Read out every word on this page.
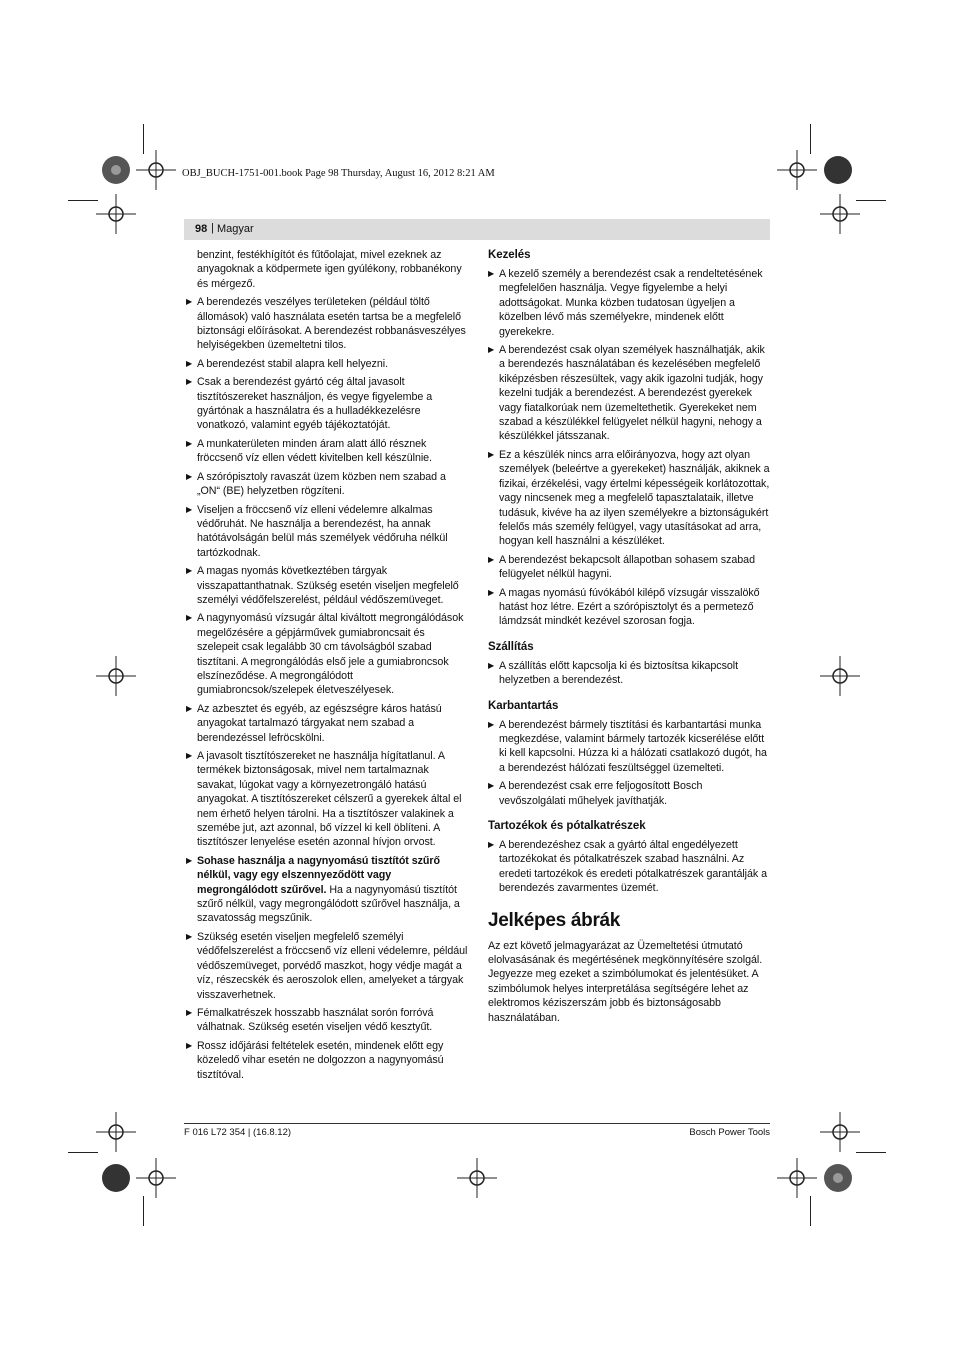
OBJ_BUCH-1751-001.book Page 98 Thursday, August 16, 2012 8:21 AM
98 | Magyar

benzint, festékhígítót és fűtőolajat, mivel ezeknek az anyagoknak a ködpermete igen gyúlékony, robbanékony és mérgező.

▶ A berendezés veszélyes területeken (például töltő állomások) való használata esetén tartsa be a megfelelő biztonsági előírásokat. A berendezést robbanásveszélyes helyiségekben üzemeltetni tilos.
▶ A berendezést stabil alapra kell helyezni.
▶ Csak a berendezést gyártó cég által javasolt tisztítószereket használjon, és vegye figyelembe a gyártónak a használatra és a hulladékkezelésre vonatkozó, valamint egyéb tájékoztatóját.
▶ A munkaterületen minden áram alatt álló résznek fröccsenő víz ellen védett kivitelben kell készülnie.
▶ A szórópisztoly ravaszát üzem közben nem szabad a „ON“ (BE) helyzetben rögzíteni.
▶ Viseljen a fröccsenő víz elleni védelemre alkalmas védőruhát. Ne használja a berendezést, ha annak hatótávolságán belül más személyek védőruha nélkül tartózkodnak.
▶ A magas nyomás következtében tárgyak visszapattanthatnak. Szükség esetén viseljen megfelelő személyi védőfelszerelést, például védőszemüveget.
▶ A nagynyomású vízsugár által kiváltott megrongálódások megelőzésére a gépjárművek gumiabroncsait és szelepeit csak legalább 30 cm távolságból szabad tisztítani. A megrongálódás első jele a gumiabroncsok elszíneződése. A megrongálódott gumiabroncsok/szelepek életveszélyesek.
▶ Az azbesztet és egyéb, az egészségre káros hatású anyagokat tartalmazó tárgyakat nem szabad a berendezéssel lefröcskölni.
▶ A javasolt tisztítószereket ne használja hígítatlanul. A termékek biztonságosak, mivel nem tartalmaznak savakat, lúgokat vagy a környezetrongáló hatású anyagokat. A tisztítószereket célszerű a gyerekek által el nem érhető helyen tárolni. Ha a tisztítószer valakinek a szemébe jut, azt azonnal, bő vízzel ki kell öblíteni. A tisztítószer lenyelése esetén azonnal hívjon orvost.
▶ Sohase használja a nagynyomású tisztítót szűrő nélkül, vagy egy elszennyeződött vagy megrongálódott szűrővel. Ha a nagynyomású tisztítót szűrő nélkül, vagy megrongálódott szűrővel használja, a szavatosság megszűnik.
▶ Szükség esetén viseljen megfelelő személyi védőfelszerelést a fröccsenő víz elleni védelemre, például védőszemüveget, porvédő maszkot, hogy védje magát a víz, részecskék és aeroszolok ellen, amelyeket a tárgyak visszaverhetnek.
▶ Fémalkatrészek hosszabb használat sorón forróvá válhatnak. Szükség esetén viseljen védő kesztyűt.
▶ Rossz időjárási feltételek esetén, mindenek előtt egy közeledő vihar esetén ne dolgozzon a nagynyomású tisztítóval.
Kezelés
▶ A kezelő személy a berendezést csak a rendeltetésének megfelelően használja. Vegye figyelembe a helyi adottságokat. Munka közben tudatosan ügyeljen a közelben lévő más személyekre, mindenek előtt gyerekekre.
▶ A berendezést csak olyan személyek használhatják, akik a berendezés használatában és kezelésében megfelelő kiképzésben részesültek, vagy akik igazolni tudják, hogy kezelni tudják a berendezést. A berendezést gyerekek vagy fiatalkorúak nem üzemeltethetik. Gyerekeket nem szabad a készülékkel felügyelet nélkül hagyni, nehogy a készülékkel játsszanak.
▶ Ez a készülék nincs arra előirányozva, hogy azt olyan személyek (beleértve a gyerekeket) használják, akiknek a fizikai, érzékelési, vagy értelmi képességeik korlátozottak, vagy nincsenek meg a megfelelő tapasztalataik, illetve tudásuk, kivéve ha az ilyen személyekre a biztonságukért felelős más személy felügyel, vagy utasításokat ad arra, hogyan kell használni a készüléket.
▶ A berendezést bekapcsolt állapotban sohasem szabad felügyelet nélkül hagyni.
▶ A magas nyomású fúvókából kilépő vízsugár visszalökő hatást hoz létre. Ezért a szórópisztolyt és a permetező lámdzsát mindkét kezével szorosan fogja.
Szállítás
▶ A szállítás előtt kapcsolja ki és biztosítsa kikapcsolt helyzetben a berendezést.
Karbantartás
▶ A berendezést bármely tisztítási és karbantartási munka megkezdése, valamint bármely tartozék kicserélése előtt ki kell kapcsolni. Húzza ki a hálózati csatlakozó dugót, ha a berendezést hálózati feszültséggel üzemelteti.
▶ A berendezést csak erre feljogosított Bosch vevőszolgálati műhelyek javíthatják.
Tartozékok és pótalkatrészek
▶ A berendezéshez csak a gyártó által engedélyezett tartozékokat és pótalkatrészek szabad használni. Az eredeti tartozékok és eredeti pótalkatrészek garantálják a berendezés zavarmentes üzemét.
Jelképes ábrák

Az ezt követő jelmagyarázat az Üzemeltetési útmutató elolvasásának és megértésének megkönnyítésére szolgál. Jegyezze meg ezeket a szimbólumokat és jelentésüket. A szimbólumok helyes interpretálása segítségére lehet az elektromos kéziszerszám jobb és biztonságosabb használatában.

F 016 L72 354 | (16.8.12)	Bosch Power Tools
